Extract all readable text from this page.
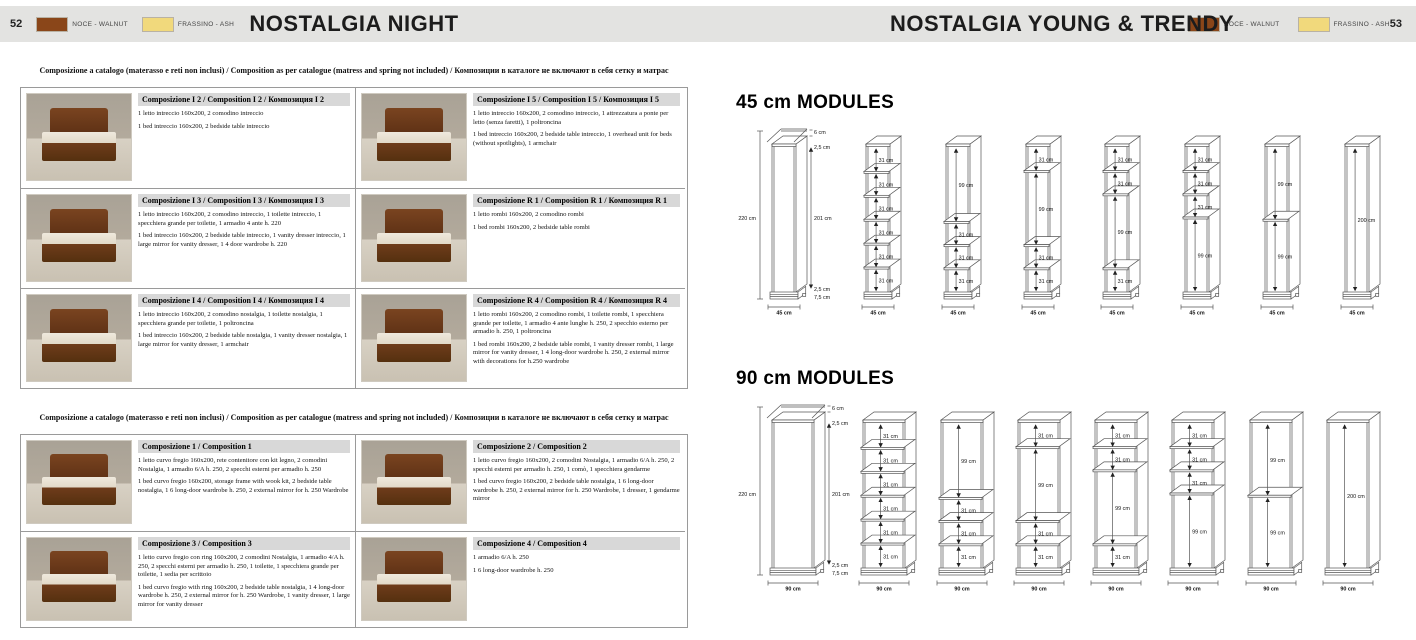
52	NOCE - WALNUT	FRASSINO - ASH NOSTALGIA NIGHT	NOSTALGIA YOUNG & TRENDY
NOCE - WALNUT	FRASSINO - ASH 53
Composizione a catalogo (materasso e reti non inclusi) / Composition as per catalogue (matress and spring not included) / Композиции в каталоге не включают в себя сетку и матрас
Composizione I 2 / Composition I 2 / Композиция I 2

1 letto intreccio 160x200, 2 comodino intreccio

1 bed intreccio 160x200, 2 bedside table intreccio

Composizione I 5 / Composition I 5 / Композиция I 5

1 letto intreccio 160x200, 2 comodino intreccio, 1 attrezzatura a ponte per letto (senza faretti), 1 poltroncina

1 bed intreccio 160x200, 2 bedside table intreccio, 1 overhead unit for beds (without spotlights), 1 armchair

Composizione I 3 / Composition I 3 / Композиция I 3

1 letto intreccio 160x200, 2 comodino intreccio, 1 toilette intreccio, 1 specchiera grande per toilette, 1 armadio 4 ante h. 220

1 bed intreccio 160x200, 2 bedside table intreccio, 1 vanity dresser intreccio, 1 large mirror for vanity dresser, 1 4 door wardrobe h. 220

Composizione R 1 / Composition R 1 / Композиция R 1

1 letto rombi 160x200, 2 comodino rombi

1 bed rombi 160x200, 2 bedside table rombi

Composizione I 4 / Composition I 4 / Композиция I 4

1 letto intreccio 160x200, 2 comodino nostalgia, 1 toilette nostalgia, 1 specchiera grande per toilette, 1 poltroncina

1 bed intreccio 160x200, 2 bedside table nostalgia, 1 vanity dresser nostalgia, 1 large mirror for vanity dresser, 1 armchair

Composizione R 4 / Composition R 4 / Композиция R 4

1 letto rombi 160x200, 2 comodino rombi, 1 toilette rombi, 1 specchiera grande per toilette, 1 armadio 4 ante lunghe h. 250, 2 specchio esterno per armadio h. 250, 1 poltroncina

1 bed rombi 160x200, 2 bedside table rombi, 1 vanity dresser rombi, 1 large mirror for vanity dresser, 1 4 long-door wardrobe h. 250, 2 external mirror with decorations for h.250 wardrobe

Composizione a catalogo (materasso e reti non inclusi) / Composition as per catalogue (matress and spring not included) / Композиции в каталоге не включают в себя сетку и матрас
Composizione 1 / Composition 1

1 letto curvo fregio 160x200, rete contenitore con kit legno, 2 comodini Nostalgia, 1 armadio 6/A h. 250, 2 specchi esterni per armadio h. 250

1 bed curvo fregio 160x200, storage frame with wook kit, 2 bedside table nostalgia, 1 6 long-door wardrobe h. 250, 2 external mirror for h. 250 Wardrobe

Composizione 2 / Composition 2

1 letto curvo fregio 160x200, 2 comodini Nostalgia, 1 armadio 6/A h. 250, 2 specchi esterni per armadio h. 250, 1 comò, 1 specchiera gendarme

1 bed curvo fregio 160x200, 2 bedside table nostalgia, 1 6 long-door wardrobe h. 250, 2 external mirror for h. 250 Wardrobe, 1 dresser, 1 gendarme mirror

Composizione 3 / Composition 3

1 letto curvo fregio con ring 160x200, 2 comodini Nostalgia, 1 armadio 4/A h. 250, 2 specchi esterni per armadio h. 250, 1 toilette, 1 specchiera grande per toilette, 1 sedia per scrittoio

1 bed curvo fregio with ring 160x200, 2 bedside table nostalgia, 1 4 long-door wardrobe h. 250, 2 external mirror for h. 250 Wardrobe, 1 vanity dresser, 1 large mirror for vanity dresser

Composizione 4 / Composition 4

1 armadio 6/A h. 250

1 6 long-door wardrobe h. 250

45 cm MODULES
220 cm	201 cm
6 cm
2,5 cm
2,5 cm
7,5 cm
45 cm
31 cm
31 cm
31 cm
31 cm
31 cm
31 cm
45 cm
99 cm
31 cm
31 cm
31 cm
45 cm
31 cm
99 cm
31 cm
31 cm
45 cm
31 cm
31 cm
99 cm
31 cm
45 cm
31 cm
31 cm
31 cm
99 cm
45 cm
99 cm
99 cm
45 cm
200 cm
45 cm
90 cm MODULES
220 cm	201 cm
6 cm
2,5 cm
2,5 cm
7,5 cm
90 cm
31 cm
31 cm
31 cm
31 cm
31 cm
31 cm
90 cm
99 cm
31 cm
31 cm
31 cm
90 cm
31 cm
99 cm
31 cm
31 cm
90 cm
31 cm
31 cm
99 cm
31 cm
90 cm
31 cm
31 cm
31 cm
99 cm
90 cm
99 cm
99 cm
90 cm
200 cm
90 cm
